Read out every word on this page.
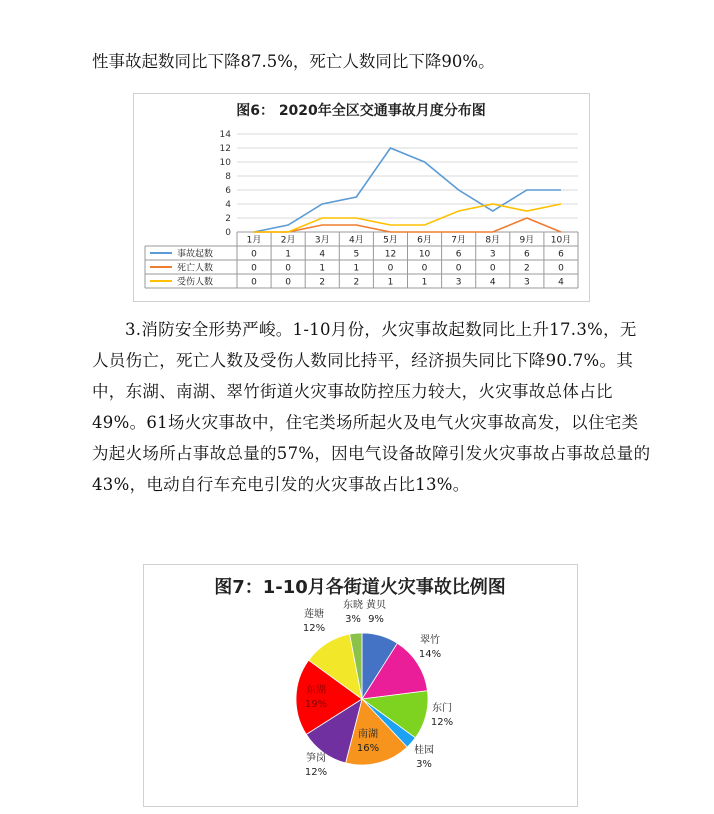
性事故起数同比下降87.5%，死亡人数同比下降90%。

图6： 2020年全区交通事故月度分布图
0
2
4
6
8
10
12
14
1月 2月 3月 4月 5月 6月 7月 8月 9月 10月
事故起数	0	1	4	5	12	10	6	3	6	6
死亡人数	0	0	1	1	0	0	0	0	2	0
受伤人数	0	0	2	2	1	1	3	4	3	4

3.消防安全形势严峻。1-10月份，火灾事故起数同比上升17.3%，无人员伤亡，死亡人数及受伤人数同比持平，经济损失同比下降90.7%。其中，东湖、南湖、翠竹街道火灾事故防控压力较大，火灾事故总体占比49%。61场火灾事故中，住宅类场所起火及电气火灾事故高发，以住宅类为起火场所占事故总量的57%，因电气设备故障引发火灾事故占事故总量的43%，电动自行车充电引发的火灾事故占比13%。

图7：1-10月各街道火灾事故比例图
黄贝
9%
翠竹
14%
东门
12%
桂园
3%
南湖
16%
笋岗
12%
东湖
19%
莲塘
12%
东晓
3%
